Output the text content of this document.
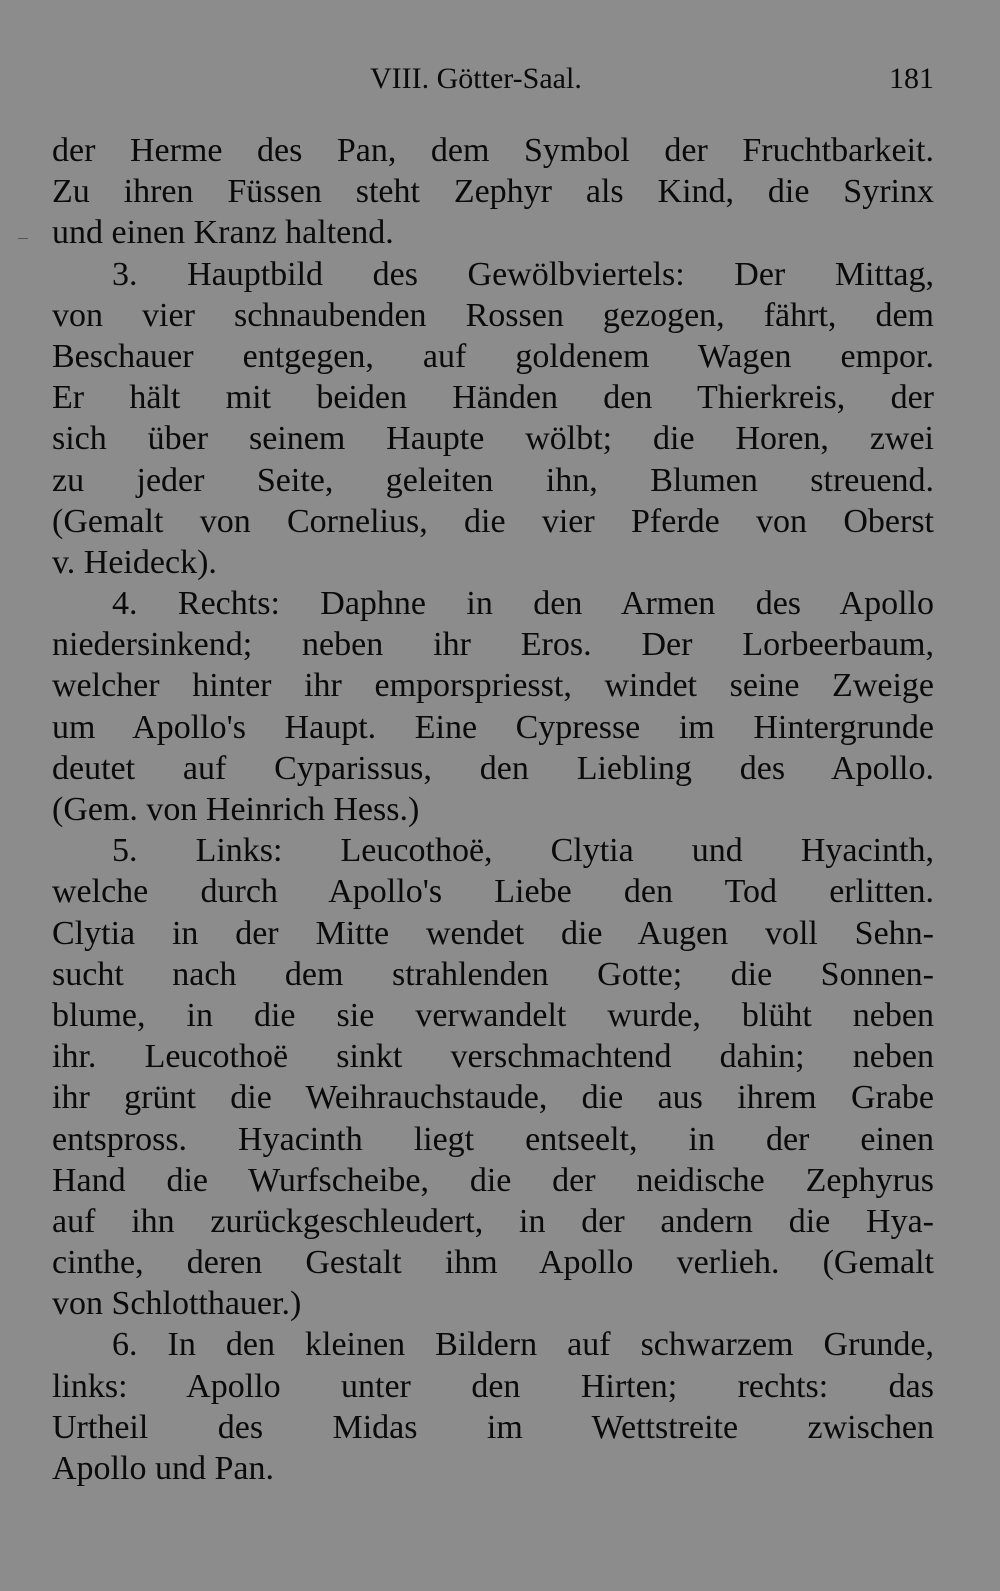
VIII. Götter-Saal.	181
der Herme des Pan, dem Symbol der Fruchtbarkeit.
Zu ihren Füssen steht Zephyr als Kind, die Syrinx
und einen Kranz haltend.
3. Hauptbild des Gewölbviertels: Der Mittag,
von vier schnaubenden Rossen gezogen, fährt, dem
Beschauer entgegen, auf goldenem Wagen empor.
Er hält mit beiden Händen den Thierkreis, der
sich über seinem Haupte wölbt; die Horen, zwei
zu jeder Seite, geleiten ihn, Blumen streuend.
(Gemalt von Cornelius, die vier Pferde von Oberst
v. Heideck).
4. Rechts: Daphne in den Armen des Apollo
niedersinkend; neben ihr Eros. Der Lorbeerbaum,
welcher hinter ihr emporspriesst, windet seine Zweige
um Apollo's Haupt. Eine Cypresse im Hintergrunde
deutet auf Cyparissus, den Liebling des Apollo.
(Gem. von Heinrich Hess.)
5. Links: Leucothoë, Clytia und Hyacinth,
welche durch Apollo's Liebe den Tod erlitten.
Clytia in der Mitte wendet die Augen voll Sehn-
sucht nach dem strahlenden Gotte; die Sonnen-
blume, in die sie verwandelt wurde, blüht neben
ihr. Leucothoë sinkt verschmachtend dahin; neben
ihr grünt die Weihrauchstaude, die aus ihrem Grabe
entspross. Hyacinth liegt entseelt, in der einen
Hand die Wurfscheibe, die der neidische Zephyrus
auf ihn zurückgeschleudert, in der andern die Hya-
cinthe, deren Gestalt ihm Apollo verlieh. (Gemalt
von Schlotthauer.)
6. In den kleinen Bildern auf schwarzem Grunde,
links: Apollo unter den Hirten; rechts: das
Urtheil des Midas im Wettstreite zwischen
Apollo und Pan.
